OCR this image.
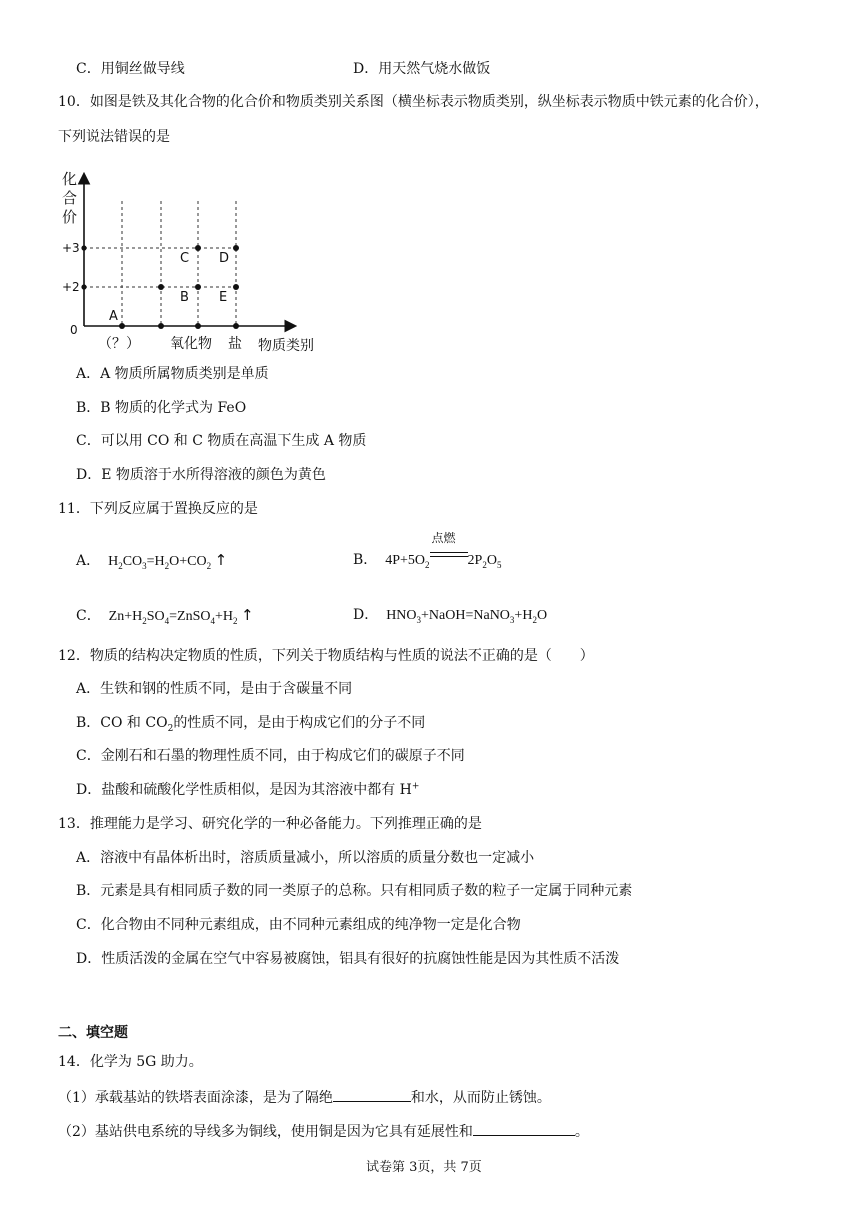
C．用铜丝做导线	D．用天然气烧水做饭
10．如图是铁及其化合物的化合价和物质类别关系图（横坐标表示物质类别，纵坐标表示物质中铁元素的化合价），
下列说法错误的是
化
合
价
0
+2
+3
A
B
C D
E
（？） 氧化物 盐 物质类别
A．A 物质所属物质类别是单质
B．B 物质的化学式为 FeO
C．可以用 CO 和 C 物质在高温下生成 A 物质
D．E 物质溶于水所得溶液的颜色为黄色
11．下列反应属于置换反应的是
A．  $H_2CO_3=H_2O+CO_2$ ↑	B．  $4P+5O_2$
点燃
$2P_2O_5$
C．  $Zn+H_2SO_4=ZnSO_4+H_2$ ↑	D．  $HNO_3+NaOH=NaNO_3+H_2O$
12．物质的结构决定物质的性质，下列关于物质结构与性质的说法不正确的是（　　）
A．生铁和钢的性质不同，是由于含碳量不同
B．CO 和 $CO_2$的性质不同，是由于构成它们的分子不同
C．金刚石和石墨的物理性质不同，由于构成它们的碳原子不同
D．盐酸和硫酸化学性质相似，是因为其溶液中都有 H+
13．推理能力是学习、研究化学的一种必备能力。下列推理正确的是
A．溶液中有晶体析出时，溶质质量减小，所以溶质的质量分数也一定减小
B．元素是具有相同质子数的同一类原子的总称。只有相同质子数的粒子一定属于同种元素
C．化合物由不同种元素组成，由不同种元素组成的纯净物一定是化合物
D．性质活泼的金属在空气中容易被腐蚀，铝具有很好的抗腐蚀性能是因为其性质不活泼
二、填空题
14．化学为 5G 助力。
（1）承载基站的铁塔表面涂漆，是为了隔绝	和水，从而防止锈蚀。
（2）基站供电系统的导线多为铜线，使用铜是因为它具有延展性和	。
试卷第 3页，共 7页
